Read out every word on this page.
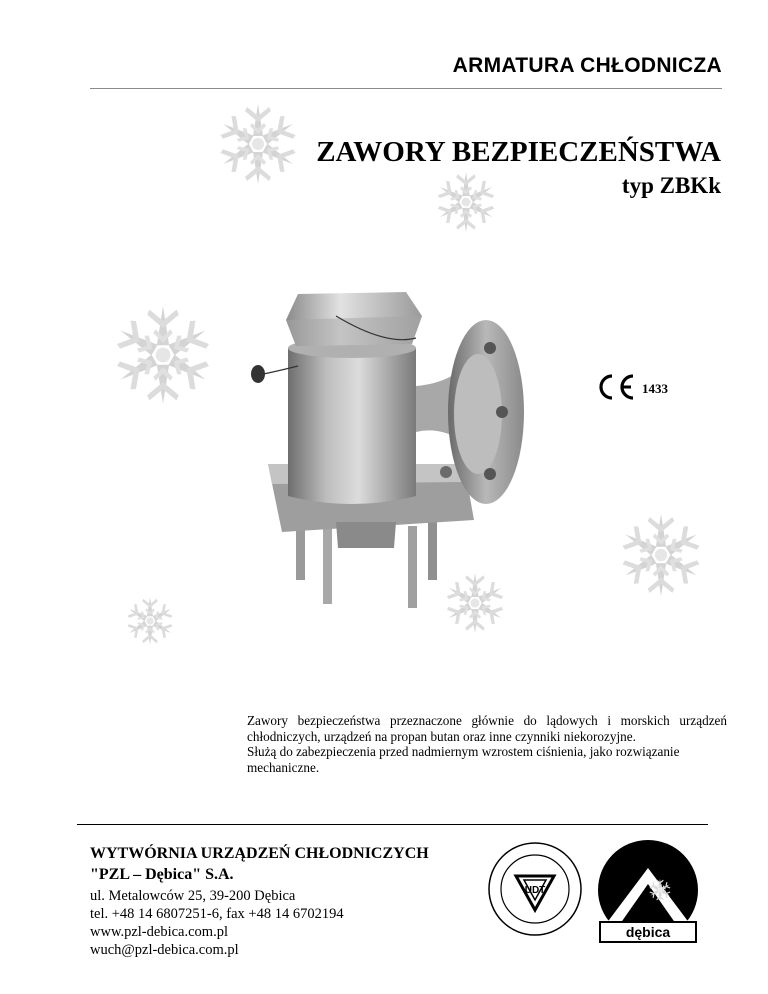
ARMATURA CHŁODNICZA
ZAWORY BEZPIECZEŃSTWA
typ ZBKk
1433

Zawory bezpieczeństwa przeznaczone głównie do lądowych i morskich urządzeń chłodniczych, urządzeń na propan butan oraz inne czynniki niekorozyjne.

Służą do zabezpieczenia przed nadmiernym wzrostem ciśnienia, jako rozwiązanie mechaniczne.

WYTWÓRNIA URZĄDZEŃ CHŁODNICZYCH
"PZL – Dębica" S.A.
ul. Metalowców 25, 39-200 Dębica
tel. +48 14 6807251-6, fax +48 14 6702194
www.pzl-debica.com.pl
wuch@pzl-debica.com.pl
UDT
dębica
